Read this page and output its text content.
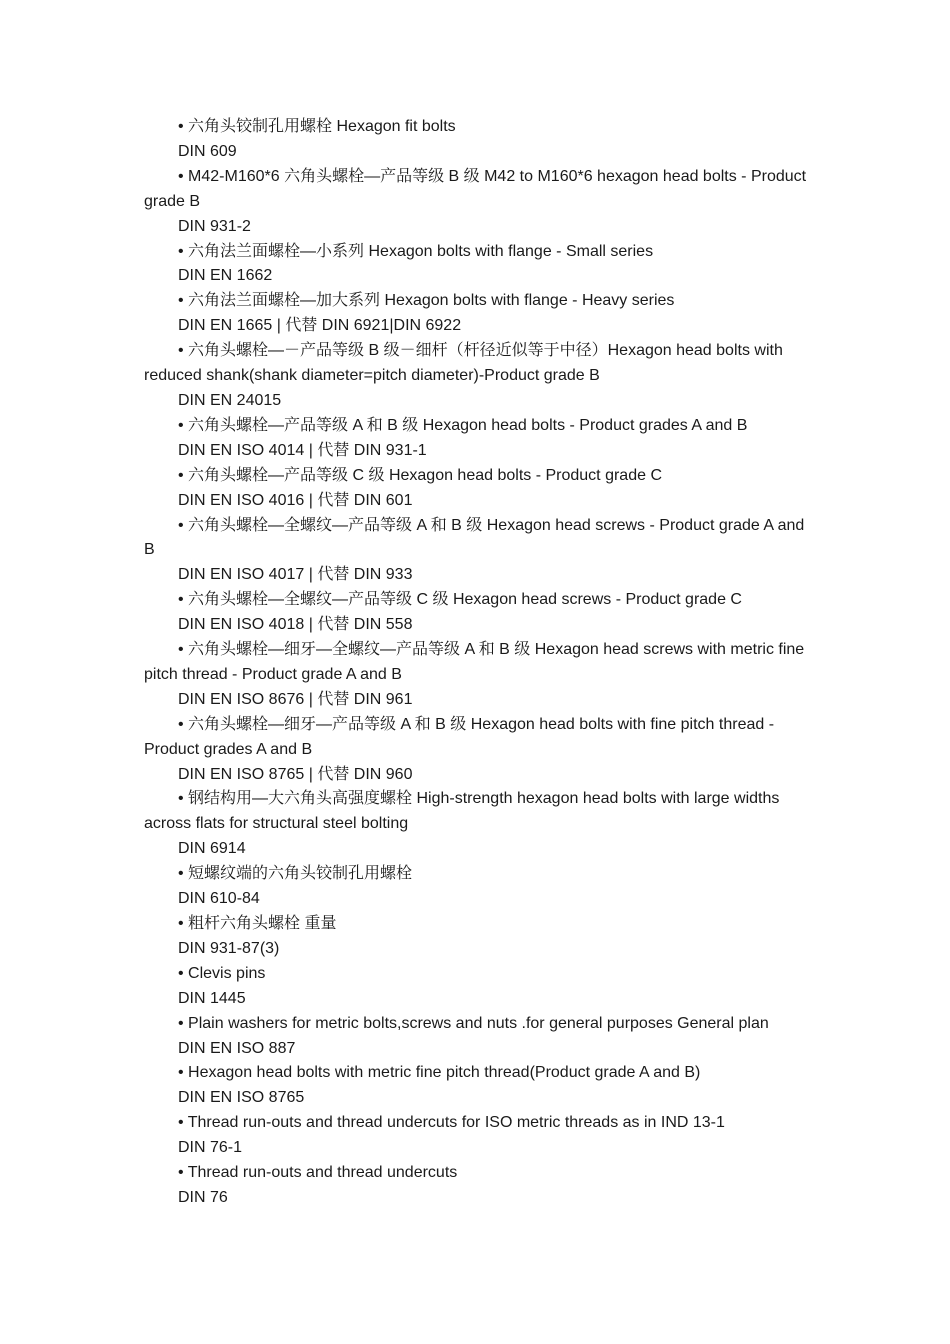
• 六角头铰制孔用螺栓 Hexagon fit bolts

DIN 609

• M42-M160*6 六角头螺栓—产品等级 B 级 M42 to M160*6 hexagon head bolts - Product grade B

DIN 931-2

• 六角法兰面螺栓—小系列 Hexagon bolts with flange - Small series

DIN EN 1662

• 六角法兰面螺栓—加大系列 Hexagon bolts with flange - Heavy series

DIN EN 1665 | 代替 DIN 6921|DIN 6922

• 六角头螺栓—－产品等级 B 级－细杆（杆径近似等于中径）Hexagon head bolts with reduced shank(shank diameter=pitch diameter)-Product grade B

DIN EN 24015

• 六角头螺栓—产品等级 A 和 B 级 Hexagon head bolts - Product grades A and B

DIN EN ISO 4014 | 代替 DIN 931-1

• 六角头螺栓—产品等级 C 级 Hexagon head bolts - Product grade C

DIN EN ISO 4016 | 代替 DIN 601

• 六角头螺栓—全螺纹—产品等级 A 和 B 级 Hexagon head screws - Product grade A and B

DIN EN ISO 4017 | 代替 DIN 933

• 六角头螺栓—全螺纹—产品等级 C 级 Hexagon head screws - Product grade C

DIN EN ISO 4018 | 代替 DIN 558

• 六角头螺栓—细牙—全螺纹—产品等级 A 和 B 级 Hexagon head screws with metric fine pitch thread - Product grade A and B

DIN EN ISO 8676 | 代替 DIN 961

• 六角头螺栓—细牙—产品等级 A 和 B 级 Hexagon head bolts with fine pitch thread - Product grades A and B

DIN EN ISO 8765 | 代替 DIN 960

• 钢结构用—大六角头高强度螺栓 High-strength hexagon head bolts with large widths across flats for structural steel bolting

DIN 6914

• 短螺纹端的六角头铰制孔用螺栓

DIN 610-84

• 粗杆六角头螺栓 重量

DIN 931-87(3)

• Clevis pins

DIN 1445

• Plain washers for metric bolts,screws and nuts .for general purposes General plan

DIN EN ISO 887

• Hexagon head bolts with metric fine pitch thread(Product grade A and B)

DIN EN ISO 8765

• Thread run-outs and thread undercuts for ISO metric threads as in IND 13-1

DIN 76-1

• Thread run-outs and thread undercuts

DIN 76
